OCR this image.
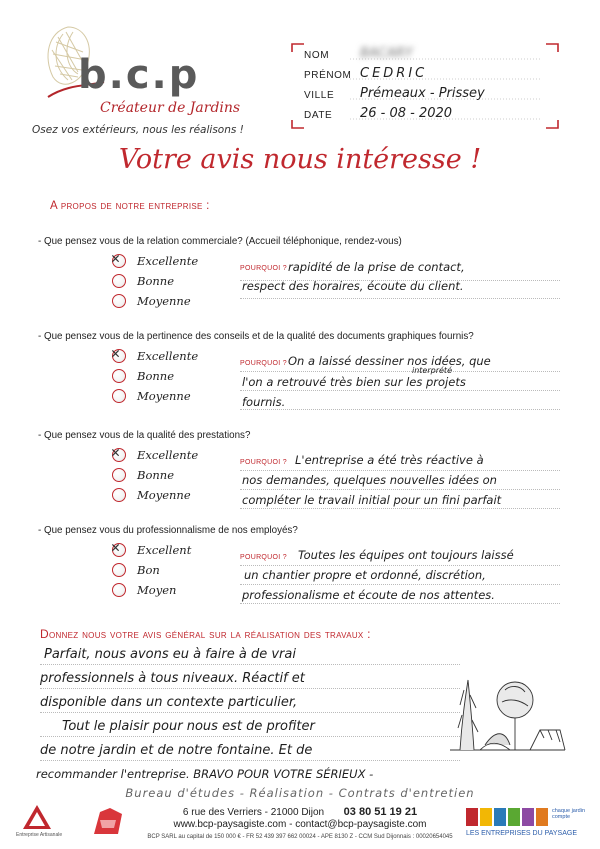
b.c.p
Créateur de Jardins
Osez vos extérieurs, nous les réalisons !
NOM BACARY
PRÉNOM CEDRIC
VILLE Prémeaux - Prissey
DATE 26 - 08 - 2020
Votre avis nous intéresse !
A propos de notre entreprise :
- Que pensez vous de la relation commerciale? (Accueil téléphonique, rendez-vous)
✕ Excellente
Bonne
Moyenne
POURQUOI ? rapidité de la prise de contact,
respect des horaires, écoute du client.
- Que pensez vous de la pertinence des conseils et de la qualité des documents graphiques fournis?
✕ Excellente
Bonne
Moyenne
POURQUOI ? On a laissé dessiner nos idées, que
interprété
l'on a retrouvé très bien sur les projets
fournis.
- Que pensez vous de la qualité des prestations?
✕ Excellente
Bonne
Moyenne
POURQUOI ? L'entreprise a été très réactive à
nos demandes, quelques nouvelles idées on
compléter le travail initial pour un fini parfait
- Que pensez vous du professionnalisme de nos employés?
✕ Excellent
Bon
Moyen
POURQUOI ? Toutes les équipes ont toujours laissé
un chantier propre et ordonné, discrétion,
professionalisme et écoute de nos attentes.
Donnez nous votre avis général sur la réalisation des travaux :
Parfait, nous avons eu à faire à de vrai
professionnels à tous niveaux. Réactif et
disponible dans un contexte particulier,
Tout le plaisir pour nous est de profiter
de notre jardin et de notre fontaine. Et de
recommander l'entreprise. BRAVO POUR VOTRE SÉRIEUX -
Bureau d'études - Réalisation - Contrats d'entretien
6 rue des Verriers - 21000 Dijon 03 80 51 19 21
www.bcp-paysagiste.com - contact@bcp-paysagiste.com
BCP SARL au capital de 150 000 € - FR 52 439 397 662 00024 - APE 8130 Z - CCM Sud Dijonnais : 00020654045
Entreprise Artisanale	LES ENTREPRISES DU PAYSAGE
chaque jardin compte
